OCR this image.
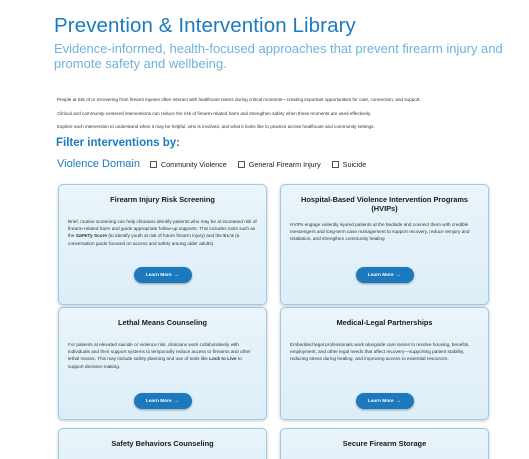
Prevention & Intervention Library
Evidence-informed, health-focused approaches that prevent firearm injury and promote safety and wellbeing.

People at risk of or recovering from firearm injuries often interact with healthcare teams during critical moments—creating important opportunities for care, connection, and support.

Clinical and community-centered interventions can reduce the risk of firearm-related harm and strengthen safety when these moments are used effectively.

Explore each intervention to understand when it may be helpful, who is involved, and what it looks like to practice across healthcare and community settings.

Filter interventions by:
Violence Domain	Community Violence	General Firearm Injury	Suicide
Firearm Injury Risk Screening
Brief, routine screening can help clinicians identify patients who may be at increased risk of firearm-related harm and guide appropriate follow-up supports. This includes tools such as the SaFETy Score (to identify youth at risk of future firearm injury) and the 5 L's (a conversation guide focused on access and safety among older adults).
Learn More →
Hospital-Based Violence Intervention Programs (HVIPs)
HVIPs engage violently injured patients at the bedside and connect them with credible messengers and long-term case management to support recovery, reduce reinjury and retaliation, and strengthen community healing
Learn More →
Lethal Means Counseling
For patients at elevated suicide or violence risk, clinicians work collaboratively with individuals and their support systems to temporarily reduce access to firearms and other lethal means. This may include safety planning and use of tools like Lock to Live to support decision-making.
Learn More →
Medical-Legal Partnerships
Embedded legal professionals work alongside care teams to resolve housing, benefits, employment, and other legal needs that affect recovery—supporting patient stability, reducing stress during healing, and improving access to essential resources.
Learn More →
Safety Behaviors Counseling	Secure Firearm Storage
